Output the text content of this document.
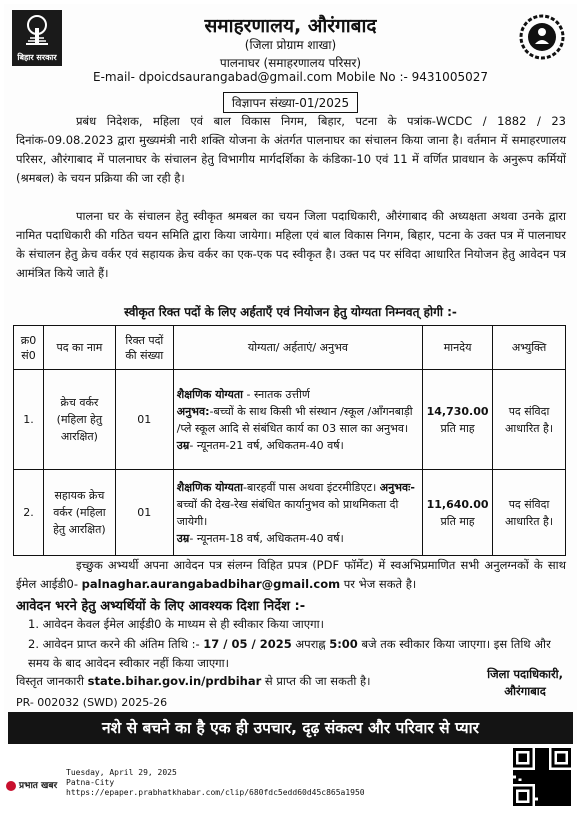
बिहार सरकार
समाहरणालय, औरंगाबाद
(जिला प्रोग्राम शाखा)
पालनाघर (समाहरणालय परिसर)
E-mail- dpoicdsaurangabad@gmail.com Mobile No :- 9431005027
विज्ञापन संख्या-01/2025
प्रबंध निदेशक, महिला एवं बाल विकास निगम, बिहार, पटना के पत्रांक-WCDC / 1882 / 23 दिनांक-09.08.2023 द्वारा मुख्यमंत्री नारी शक्ति योजना के अंतर्गत पालनाघर का संचालन किया जाना है। वर्तमान में समाहरणालय परिसर, औरंगाबाद में पालनाघर के संचालन हेतु विभागीय मार्गदर्शिका के कंडिका-10 एवं 11 में वर्णित प्रावधान के अनुरूप कर्मियों (श्रमबल) के चयन प्रक्रिया की जा रही है।
पालना घर के संचालन हेतु स्वीकृत श्रमबल का चयन जिला पदाधिकारी, औरंगाबाद की अध्यक्षता अथवा उनके द्वारा नामित पदाधिकारी की गठित चयन समिति द्वारा किया जायेगा। महिला एवं बाल विकास निगम, बिहार, पटना के उक्त पत्र में पालनाघर के संचालन हेतु क्रेच वर्कर एवं सहायक क्रेच वर्कर का एक-एक पद स्वीकृत है। उक्त पद पर संविदा आधारित नियोजन हेतु आवेदन पत्र आमंत्रित किये जाते हैं।
स्वीकृत रिक्त पदों के लिए अर्हताएँ एवं नियोजन हेतु योग्यता निम्नवत् होगी :-
क्र0 सं0	पद का नाम	रिक्त पदों की संख्या	योग्यता/ अर्हताएं/ अनुभव	मानदेय	अभ्युक्ति
1.	क्रेच वर्कर (महिला हेतु आरक्षित)	01	शैक्षणिक योग्यता - स्नातक उत्तीर्ण
अनुभव:-बच्चों के साथ किसी भी संस्थान /स्कूल /आँगनबाड़ी /प्ले स्कूल आदि से संबंधित कार्य का 03 साल का अनुभव।
उम्र- न्यूनतम-21 वर्ष, अधिकतम-40 वर्ष।	14,730.00 प्रति माह	पद संविदा आधारित है।
2.	सहायक क्रेच वर्कर (महिला हेतु आरक्षित)	01	शैक्षणिक योग्यता-बारहवीं पास अथवा इंटरमीडिएट। अनुभवः- बच्चों की देख-रेख संबंधित कार्यानुभव को प्राथमिकता दी जायेगी।
उम्र- न्यूनतम-18 वर्ष, अधिकतम-40 वर्ष।	11,640.00 प्रति माह	पद संविदा आधारित है।
इच्छुक अभ्यर्थी अपना आवेदन पत्र संलग्न विहित प्रपत्र (PDF फॉर्मेट) में स्वअभिप्रमाणित सभी अनुलग्नकों के साथ ईमेल आईडी0- palnaghar.aurangabadbihar@gmail.com पर भेज सकते है।
आवेदन भरने हेतु अभ्यर्थियों के लिए आवश्यक दिशा निर्देश :-
1. आवेदन केवल ईमेल आईडी0 के माध्यम से ही स्वीकार किया जाएगा।
2. आवेदन प्राप्त करने की अंतिम तिथि :- 17 / 05 / 2025 अपराह्न 5:00 बजे तक स्वीकार किया जाएगा। इस तिथि और समय के बाद आवेदन स्वीकार नहीं किया जाएगा।
विस्तृत जानकारी state.bihar.gov.in/prdbihar से प्राप्त की जा सकती है।	जिला पदाधिकारी,
औरंगाबाद
PR- 002032 (SWD) 2025-26
नशे से बचने का है एक ही उपचार, दृढ़ संकल्प और परिवार से प्यार
प्रभात खबर
Tuesday, April 29, 2025
Patna-City
https://epaper.prabhatkhabar.com/clip/680fdc5edd60d45c865a1950
